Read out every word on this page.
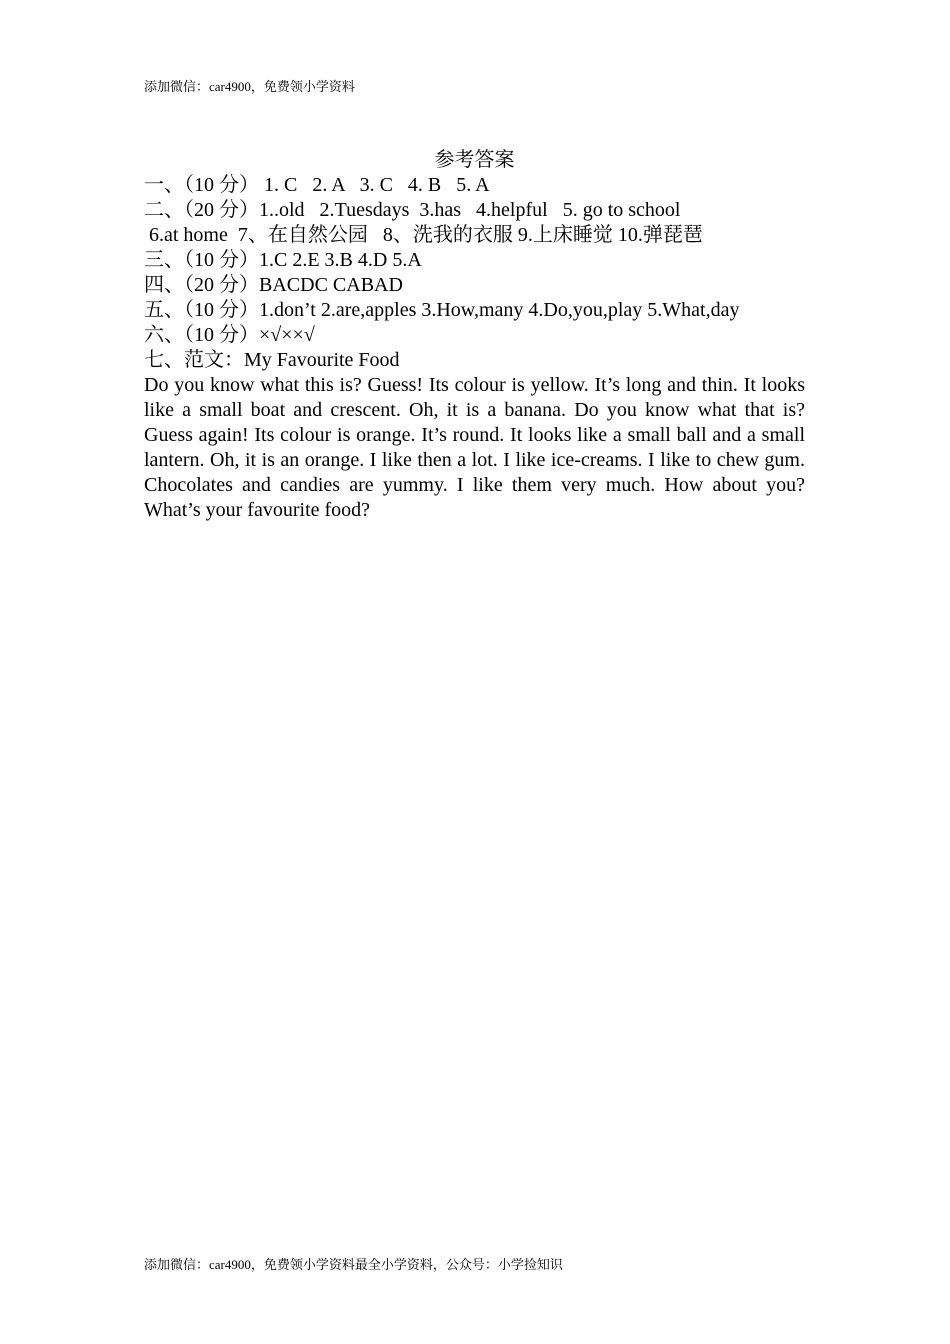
添加微信：car4900，免费领小学资料

参考答案

一、（10 分） 1. C   2. A   3. C   4. B   5. A

二、（20 分）1..old   2.Tuesdays  3.has   4.helpful   5. go to school

6.at home  7、在自然公园   8、洗我的衣服 9.上床睡觉 10.弹琵琶

三、（10 分）1.C 2.E 3.B 4.D 5.A

四、（20 分）BACDC CABAD

五、（10 分）1.don’t 2.are,apples 3.How,many 4.Do,you,play 5.What,day

六、（10 分）×√××√

七、范文：My Favourite Food

Do you know what this is? Guess! Its colour is yellow. It’s long and thin. It looks like a small boat and crescent. Oh, it is a banana. Do you know what that is? Guess again! Its colour is orange. It’s round. It looks like a small ball and a small lantern. Oh, it is an orange. I like then a lot. I like ice-creams. I like to chew gum. Chocolates and candies are yummy. I like them very much. How about you? What’s your favourite food?

添加微信：car4900，免费领小学资料最全小学资料，公众号：小学捡知识
